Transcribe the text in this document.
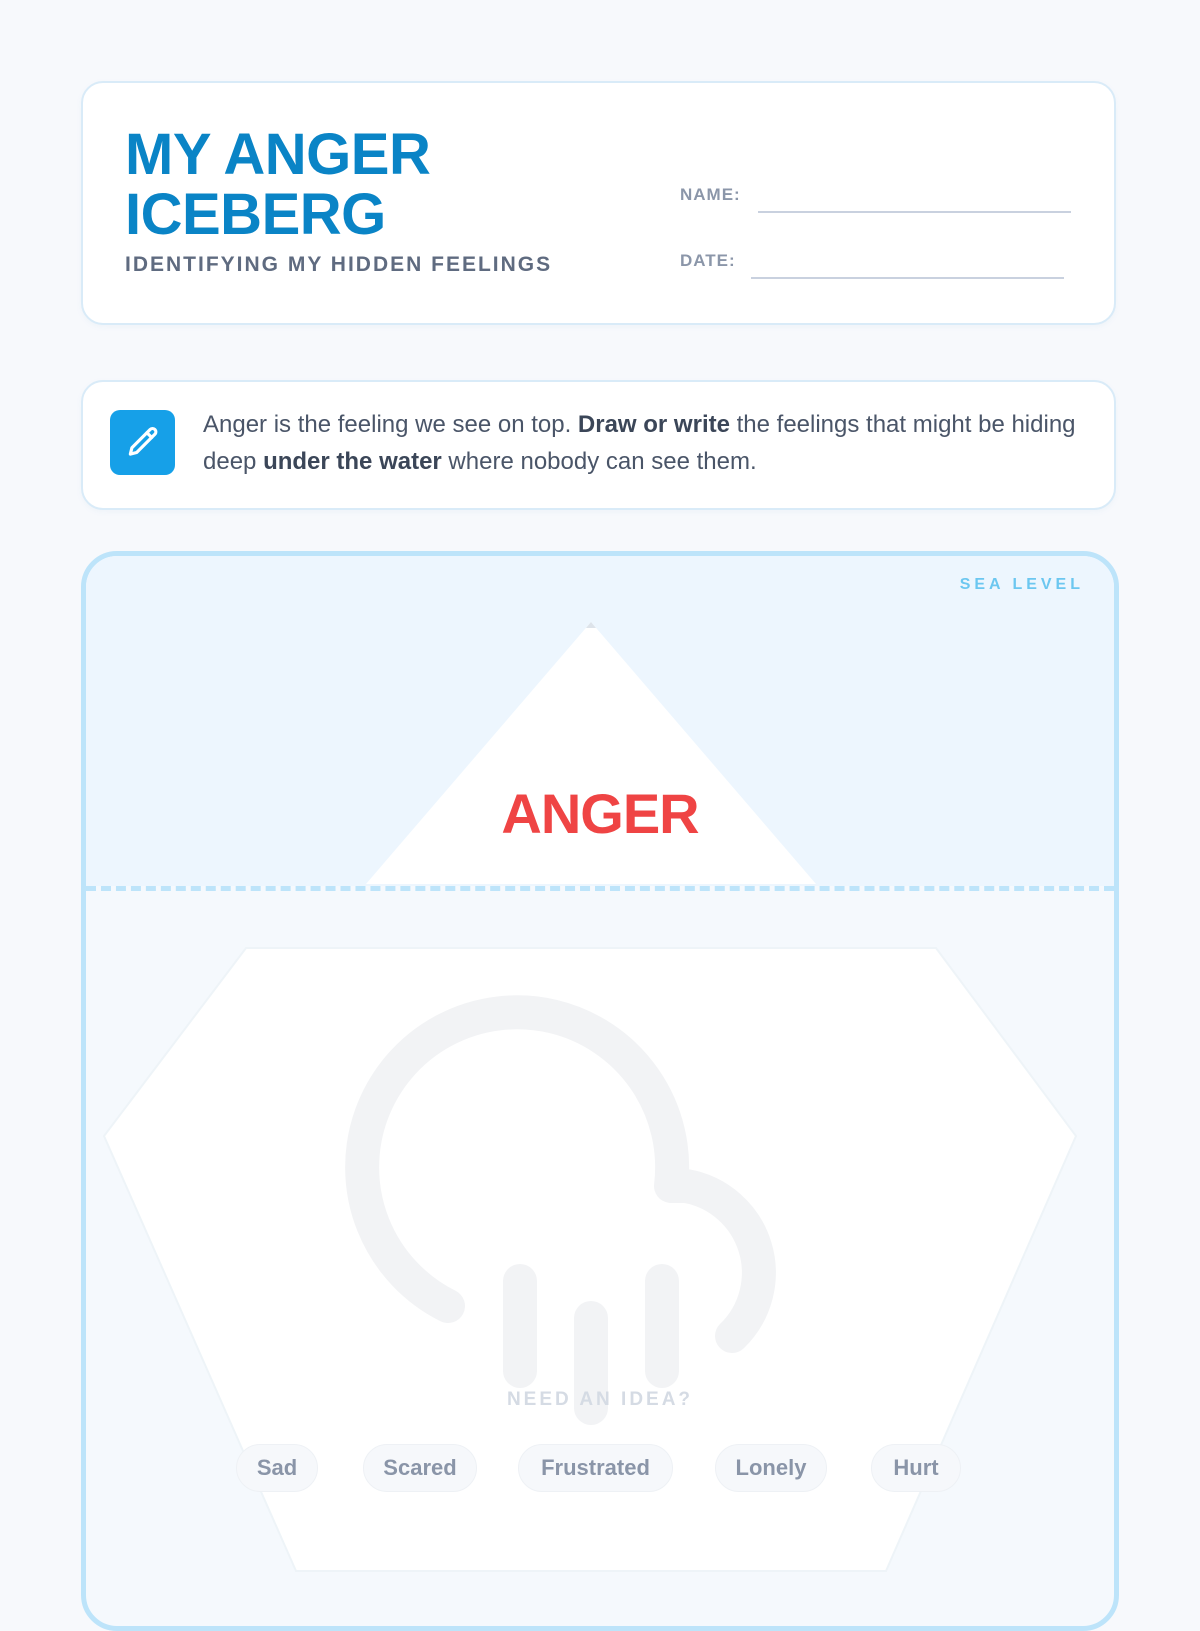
MY ANGER
ICEBERG
IDENTIFYING MY HIDDEN FEELINGS
NAME:
DATE:
Anger is the feeling we see on top. Draw or write the feelings that might be hiding deep under the water where nobody can see them.
SEA LEVEL
ANGER
NEED AN IDEA?
Sad	Scared	Frustrated	Lonely	Hurt
